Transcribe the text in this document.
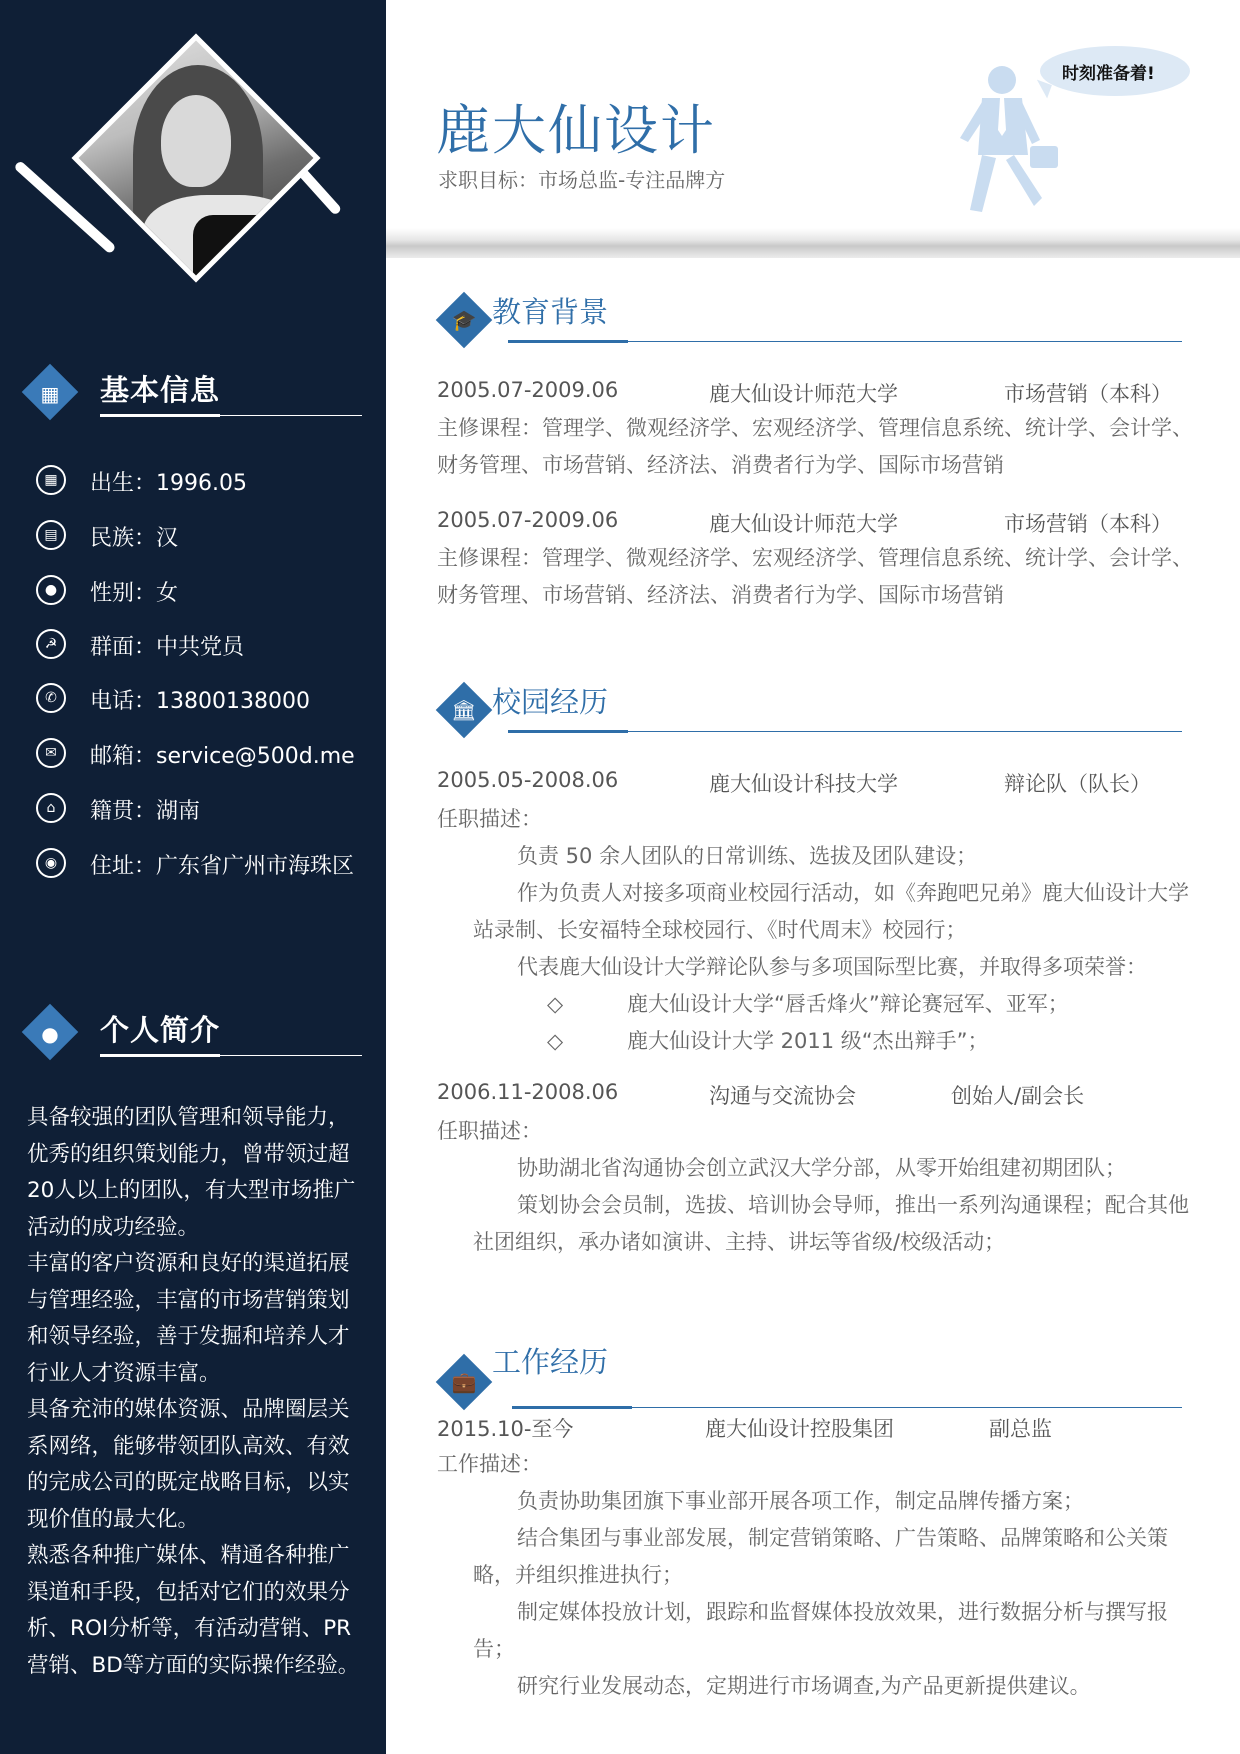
▦ 基本信息
▦	出生：1996.05
▤	民族：汉
●	性别：女
☭	群面：中共党员
✆	电话：13800138000
✉	邮箱：service@500d.me
⌂	籍贯：湖南
◉	住址：广东省广州市海珠区
●	个人简介

具备较强的团队管理和领导能力，优秀的组织策划能力，曾带领过超20人以上的团队，有大型市场推广活动的成功经验。

丰富的客户资源和良好的渠道拓展与管理经验，丰富的市场营销策划和领导经验，善于发掘和培养人才行业人才资源丰富。

具备充沛的媒体资源、品牌圈层关系网络，能够带领团队高效、有效的完成公司的既定战略目标，以实现价值的最大化。

熟悉各种推广媒体、精通各种推广渠道和手段，包括对它们的效果分析、ROI分析等，有活动营销、PR营销、BD等方面的实际操作经验。

鹿大仙设计
求职目标：市场总监-专注品牌方
时刻准备着!
🎓 教育背景
2005.07-2009.06	鹿大仙设计师范大学	市场营销（本科）

主修课程：管理学、微观经济学、宏观经济学、管理信息系统、统计学、会计学、财务管理、市场营销、经济法、消费者行为学、国际市场营销

2005.07-2009.06	鹿大仙设计师范大学	市场营销（本科）

主修课程：管理学、微观经济学、宏观经济学、管理信息系统、统计学、会计学、财务管理、市场营销、经济法、消费者行为学、国际市场营销

🏛 校园经历
2005.05-2008.06	鹿大仙设计科技大学	辩论队（队长）

任职描述：

负责 50 余人团队的日常训练、选拔及团队建设；

作为负责人对接多项商业校园行活动，如《奔跑吧兄弟》鹿大仙设计大学站录制、长安福特全球校园行、《时代周末》校园行；

代表鹿大仙设计大学辩论队参与多项国际型比赛，并取得多项荣誉：

◇	鹿大仙设计大学“唇舌烽火”辩论赛冠军、亚军；

◇	鹿大仙设计大学 2011 级“杰出辩手”；

2006.11-2008.06	沟通与交流协会	创始人/副会长

任职描述：

协助湖北省沟通协会创立武汉大学分部，从零开始组建初期团队；

策划协会会员制，选拔、培训协会导师，推出一系列沟通课程；配合其他社团组织，承办诸如演讲、主持、讲坛等省级/校级活动；

💼
工作经历
2015.10-至今	鹿大仙设计控股集团	副总监

工作描述：

负责协助集团旗下事业部开展各项工作，制定品牌传播方案；

结合集团与事业部发展，制定营销策略、广告策略、品牌策略和公关策略，并组织推进执行；

制定媒体投放计划，跟踪和监督媒体投放效果，进行数据分析与撰写报告；

研究行业发展动态，定期进行市场调查,为产品更新提供建议。
